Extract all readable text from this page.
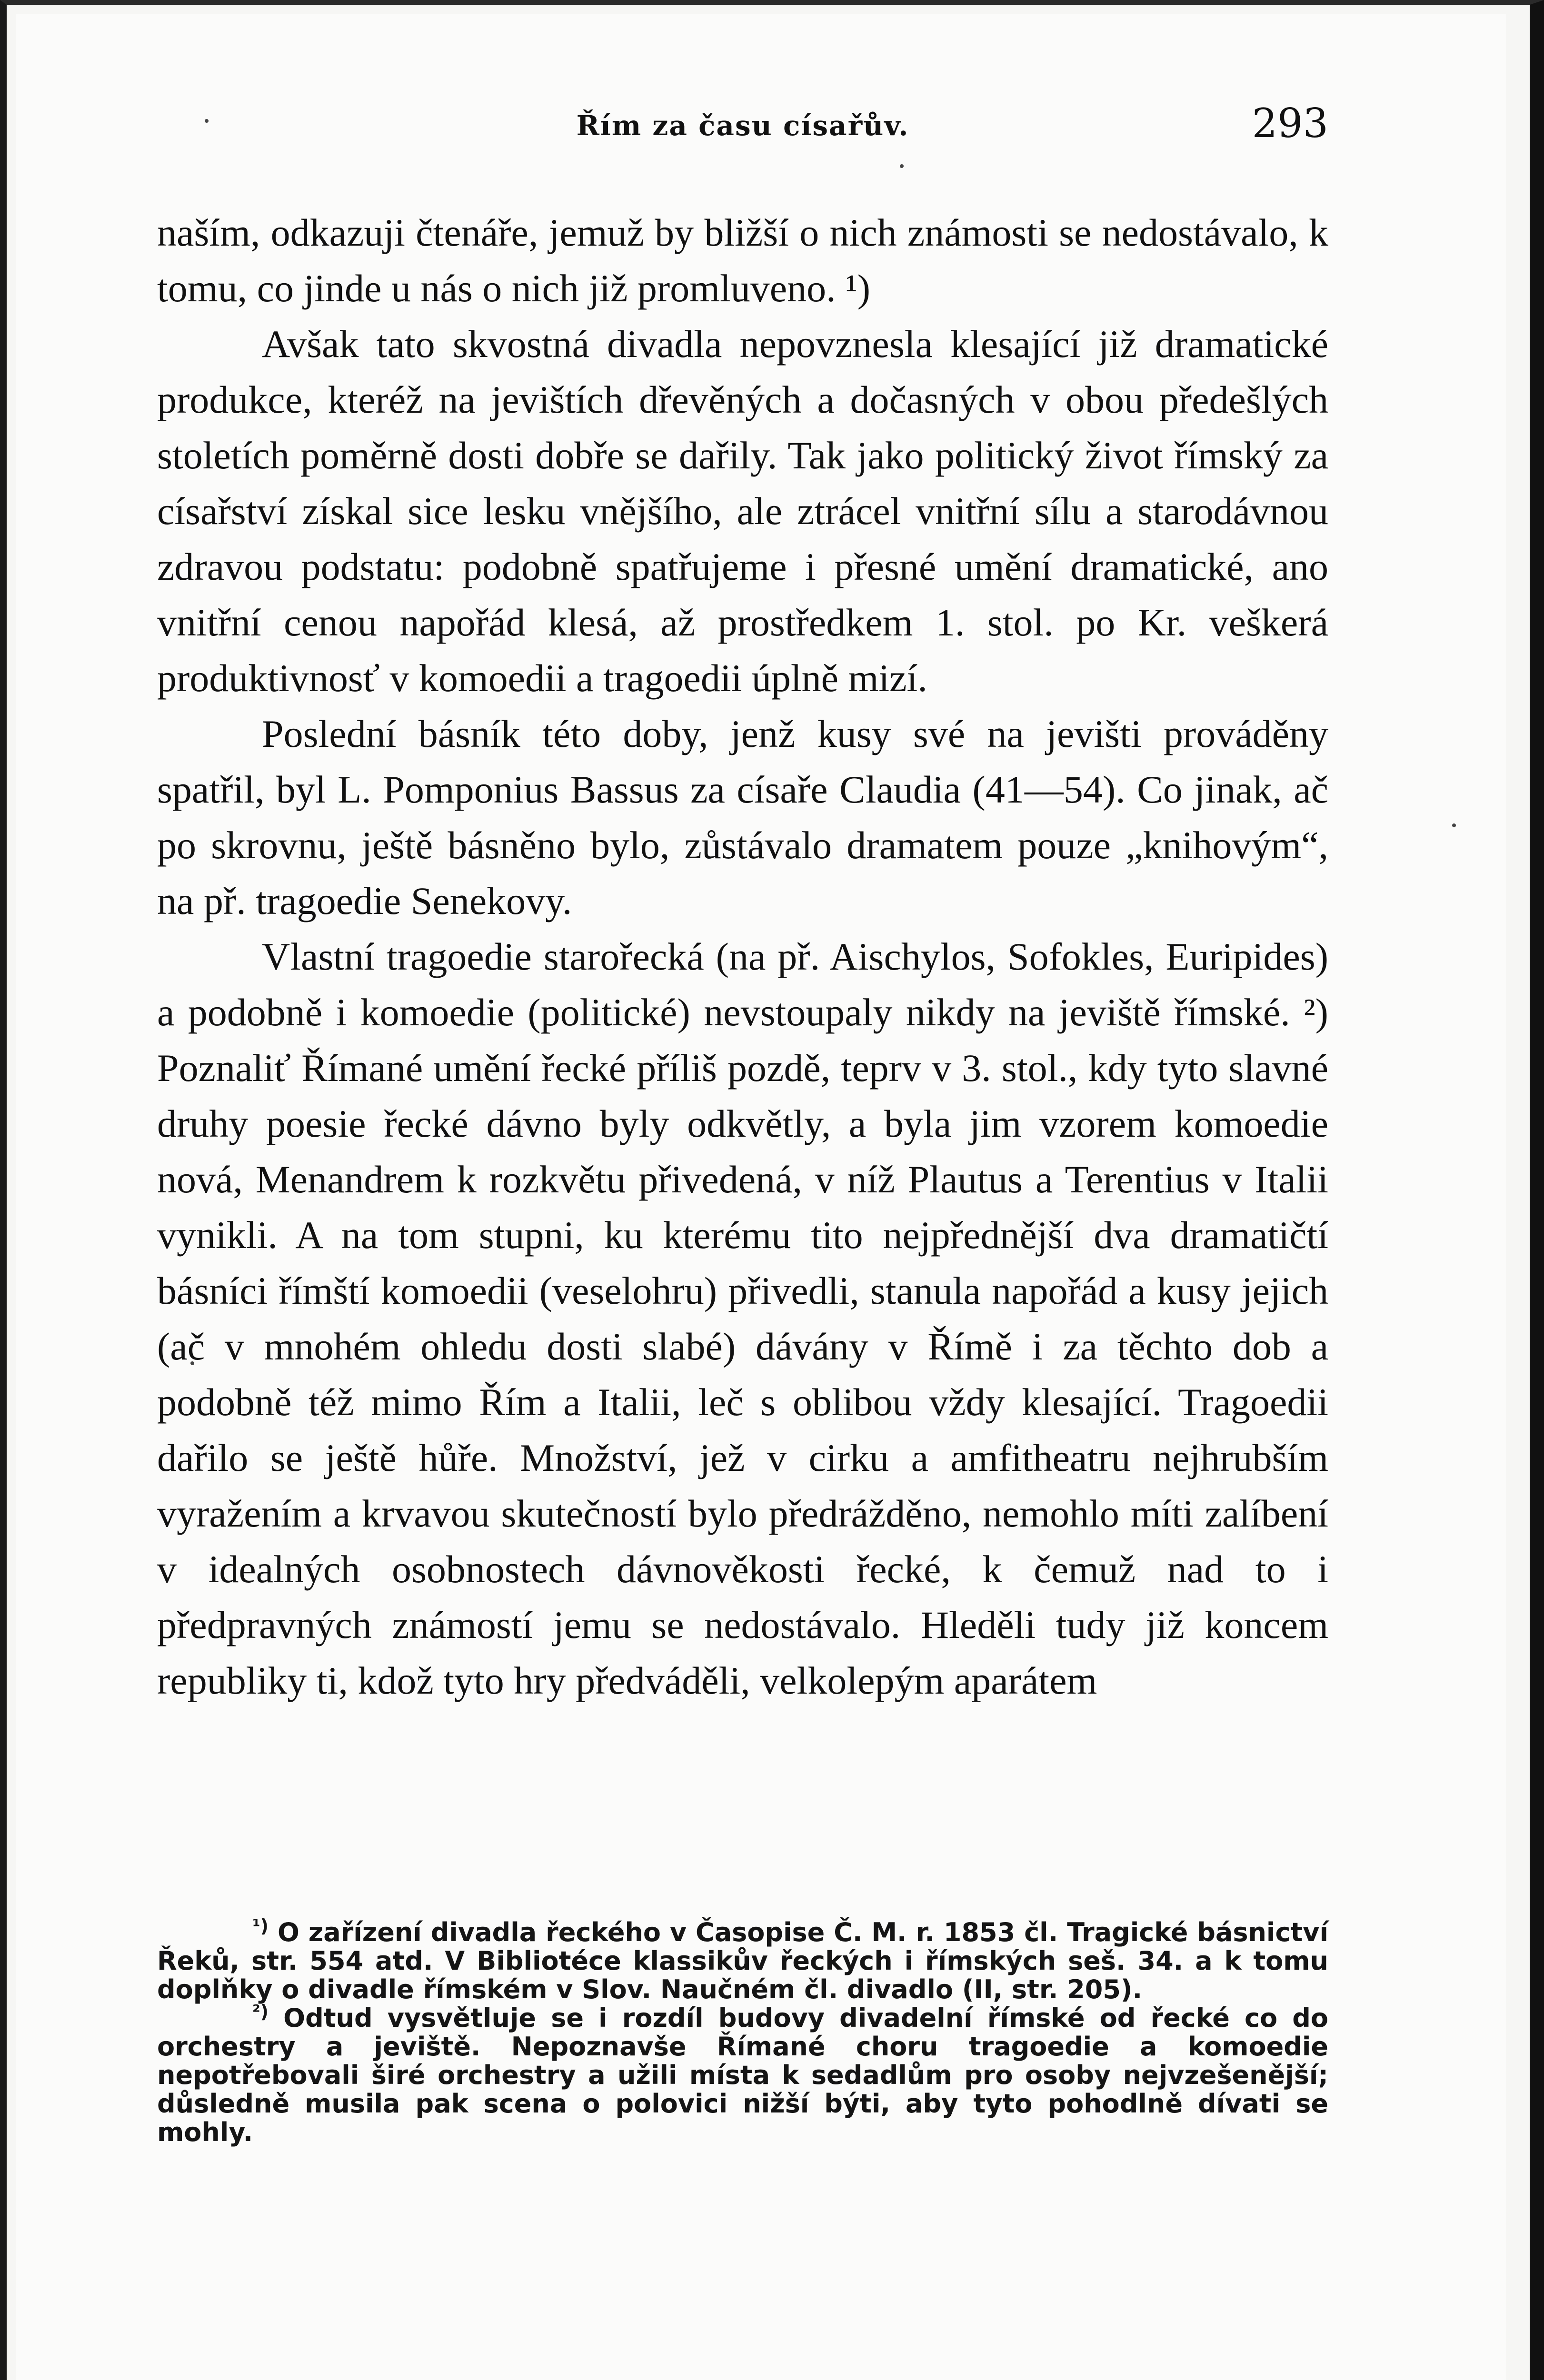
Řím za času císařův.	293

naším, odkazuji čtenáře, jemuž by bližší o nich známosti se nedostávalo, k tomu, co jinde u nás o nich již promluveno. ¹)

Avšak tato skvostná divadla nepovznesla klesající již dramatické produkce, kteréž na jevištích dřevěných a dočasných v obou předešlých stoletích poměrně dosti dobře se dařily. Tak jako politický život římský za císařství získal sice lesku vnějšího, ale ztrácel vnitřní sílu a starodávnou zdravou podstatu: podobně spatřujeme i přesné umění dramatické, ano vnitřní cenou napořád klesá, až prostředkem 1. stol. po Kr. veškerá produktivnosť v komoedii a tragoedii úplně mizí.

Poslední básník této doby, jenž kusy své na jevišti prováděny spatřil, byl L. Pomponius Bassus za císaře Claudia (41—54). Co jinak, ač po skrovnu, ještě básněno bylo, zůstávalo dramatem pouze „knihovým“, na př. tragoedie Senekovy.

Vlastní tragoedie starořecká (na př. Aischylos, Sofokles, Euripides) a podobně i komoedie (politické) nevstoupaly nikdy na jeviště římské. ²) Poznaliť Římané umění řecké příliš pozdě, teprv v 3. stol., kdy tyto slavné druhy poesie řecké dávno byly odkvětly, a byla jim vzorem komoedie nová, Menandrem k rozkvětu přivedená, v níž Plautus a Terentius v Italii vynikli. A na tom stupni, ku kterému tito nejpřednější dva dramatičtí básníci římští komoedii (veselohru) přivedli, stanula napořád a kusy jejich (ač v mnohém ohledu dosti slabé) dávány v Římě i za těchto dob a podobně též mimo Řím a Italii, leč s oblibou vždy klesající. Tragoedii dařilo se ještě hůře. Množství, jež v cirku a amfitheatru nejhrubším vyražením a krvavou skutečností bylo předrážděno, nemohlo míti zalíbení v idealných osobnostech dávnověkosti řecké, k čemuž nad to i předpravných známostí jemu se nedostávalo. Hleděli tudy již koncem republiky ti, kdož tyto hry předváděli, velkolepým aparátem

$^{^1)}$ O zařízení divadla řeckého v Časopise Č. M. r. 1853 čl. Tragické básnictví Řeků, str. 554 atd. V Bibliotéce klassikův řeckých i římských seš. 34. a k tomu doplňky o divadle římském v Slov. Naučném čl. divadlo (II, str. 205).

$^{^2)}$ Odtud vysvětluje se i rozdíl budovy divadelní římské od řecké co do orchestry a jeviště. Nepoznavše Římané choru tragoedie a komoedie nepotřebovali širé orchestry a užili místa k sedadlům pro osoby nejvzešenější; důsledně musila pak scena o polovici nižší býti, aby tyto pohodlně dívati se mohly.
